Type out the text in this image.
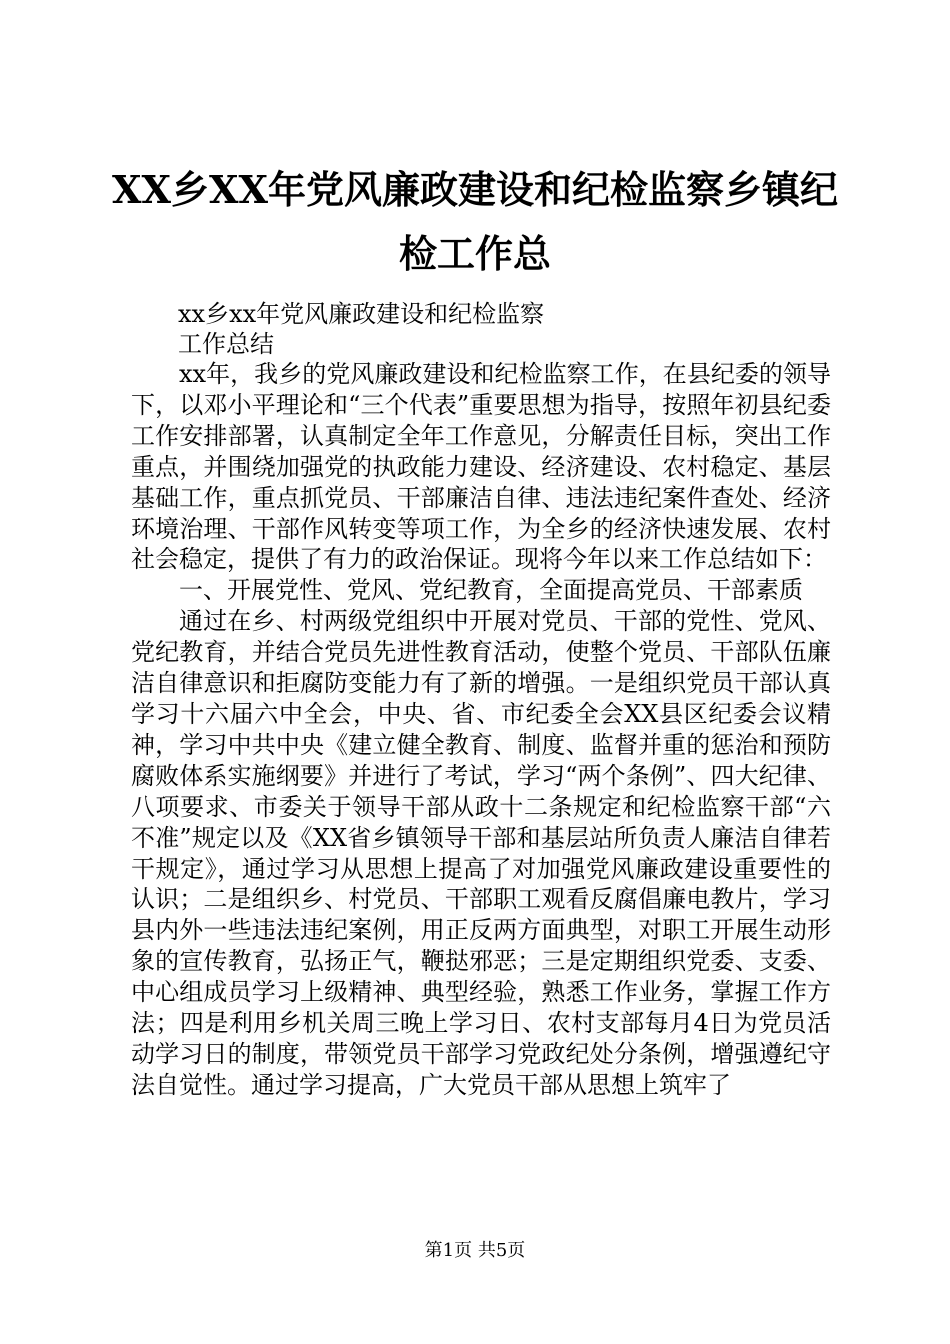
XX乡XX年党风廉政建设和纪检监察乡镇纪检工作总
xx乡xx年党风廉政建设和纪检监察
工作总结

xx年，我乡的党风廉政建设和纪检监察工作，在县纪委的领导下，以邓小平理论和“三个代表”重要思想为指导，按照年初县纪委工作安排部署，认真制定全年工作意见，分解责任目标，突出工作重点，并围绕加强党的执政能力建设、经济建设、农村稳定、基层基础工作，重点抓党员、干部廉洁自律、违法违纪案件查处、经济环境治理、干部作风转变等项工作，为全乡的经济快速发展、农村社会稳定，提供了有力的政治保证。现将今年以来工作总结如下：

一、开展党性、党风、党纪教育，全面提高党员、干部素质

通过在乡、村两级党组织中开展对党员、干部的党性、党风、党纪教育，并结合党员先进性教育活动，使整个党员、干部队伍廉洁自律意识和拒腐防变能力有了新的增强。一是组织党员干部认真学习十六届六中全会，中央、省、市纪委全会XX县区纪委会议精神，学习中共中央《建立健全教育、制度、监督并重的惩治和预防腐败体系实施纲要》并进行了考试，学习“两个条例”、四大纪律、八项要求、市委关于领导干部从政十二条规定和纪检监察干部“六不准”规定以及《XX省乡镇领导干部和基层站所负责人廉洁自律若干规定》，通过学习从思想上提高了对加强党风廉政建设重要性的认识；二是组织乡、村党员、干部职工观看反腐倡廉电教片，学习县内外一些违法违纪案例，用正反两方面典型，对职工开展生动形象的宣传教育，弘扬正气，鞭挞邪恶；三是定期组织党委、支委、中心组成员学习上级精神、典型经验，熟悉工作业务，掌握工作方法；四是利用乡机关周三晚上学习日、农村支部每月4日为党员活动学习日的制度，带领党员干部学习党政纪处分条例，增强遵纪守法自觉性。通过学习提高，广大党员干部从思想上筑牢了

第1页 共5页
